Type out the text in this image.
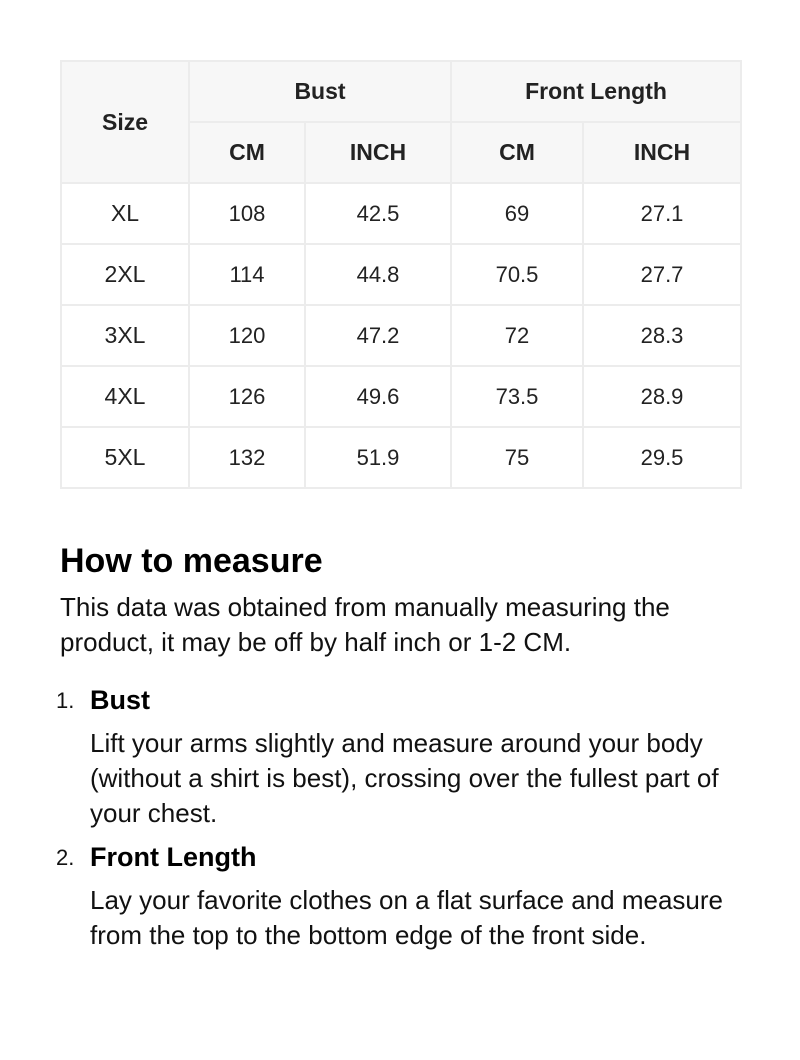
Size	Bust		Front Length	
	CM	INCH	CM	INCH
XL	108	42.5	69	27.1
2XL	114	44.8	70.5	27.7
3XL	120	47.2	72	28.3
4XL	126	49.6	73.5	28.9
5XL	132	51.9	75	29.5
How to measure

This data was obtained from manually measuring the product, it may be off by half inch or 1-2 CM.

1. Bust
Lift your arms slightly and measure around your body (without a shirt is best), crossing over the fullest part of your chest.
2. Front Length
Lay your favorite clothes on a flat surface and measure from the top to the bottom edge of the front side.
